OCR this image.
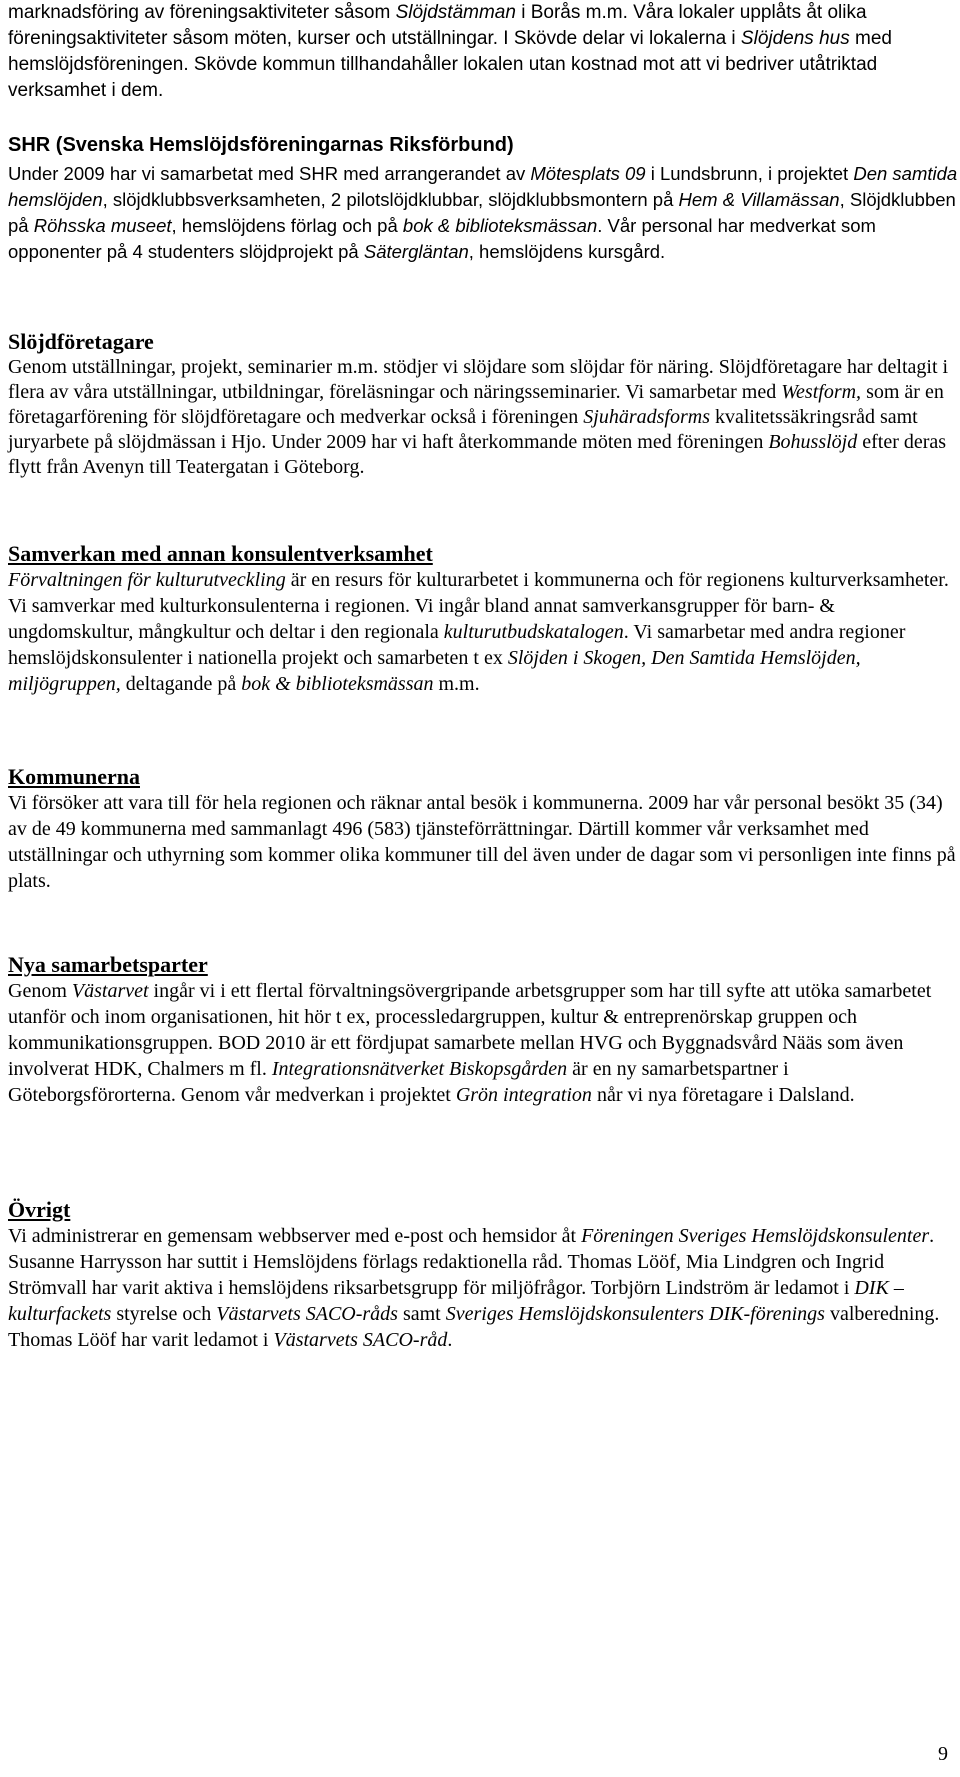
marknadsföring av föreningsaktiviteter såsom Slöjdstämman i Borås m.m. Våra lokaler upplåts åt olika föreningsaktiviteter såsom möten, kurser och utställningar. I Skövde delar vi lokalerna i Slöjdens hus med hemslöjdsföreningen. Skövde kommun tillhandahåller lokalen utan kostnad mot att vi bedriver utåtriktad verksamhet i dem.

SHR (Svenska Hemslöjdsföreningarnas Riksförbund)

Under 2009 har vi samarbetat med SHR med arrangerandet av Mötesplats 09 i Lundsbrunn, i projektet Den samtida hemslöjden, slöjdklubbsverksamheten, 2 pilotslöjdklubbar, slöjdklubbsmontern på Hem & Villamässan, Slöjdklubben på Röhsska museet, hemslöjdens förlag och på bok & biblioteksmässan. Vår personal har medverkat som opponenter på 4 studenters slöjdprojekt på Sätergläntan, hemslöjdens kursgård.

Slöjdföretagare

Genom utställningar, projekt, seminarier m.m. stödjer vi slöjdare som slöjdar för näring. Slöjdföretagare har deltagit i flera av våra utställningar, utbildningar, föreläsningar och näringsseminarier. Vi samarbetar med Westform, som är en företagarförening för slöjdföretagare och medverkar också i föreningen Sjuhäradsforms kvalitetssäkringsråd samt juryarbete på slöjdmässan i Hjo. Under 2009 har vi haft återkommande möten med föreningen Bohusslöjd efter deras flytt från Avenyn till Teatergatan i Göteborg.

Samverkan med annan konsulentverksamhet

Förvaltningen för kulturutveckling är en resurs för kulturarbetet i kommunerna och för regionens kulturverksamheter. Vi samverkar med kulturkonsulenterna i regionen. Vi ingår bland annat samverkansgrupper för barn- & ungdomskultur, mångkultur och deltar i den regionala kulturutbudskatalogen. Vi samarbetar med andra regioner hemslöjdskonsulenter i nationella projekt och samarbeten t ex Slöjden i Skogen, Den Samtida Hemslöjden, miljögruppen, deltagande på bok & biblioteksmässan m.m.

Kommunerna

Vi försöker att vara till för hela regionen och räknar antal besök i kommunerna. 2009 har vår personal besökt 35 (34) av de 49 kommunerna med sammanlagt 496 (583) tjänsteförrättningar. Därtill kommer vår verksamhet med utställningar och uthyrning som kommer olika kommuner till del även under de dagar som vi personligen inte finns på plats.

Nya samarbetsparter

Genom Västarvet ingår vi i ett flertal förvaltningsövergripande arbetsgrupper som har till syfte att utöka samarbetet utanför och inom organisationen, hit hör t ex, processledargruppen, kultur & entreprenörskap gruppen och kommunikationsgruppen. BOD 2010 är ett fördjupat samarbete mellan HVG och Byggnadsvård Nääs som även involverat HDK, Chalmers m fl. Integrationsnätverket Biskopsgården är en ny samarbetspartner i Göteborgsförorterna. Genom vår medverkan i projektet Grön integration når vi nya företagare i Dalsland.

Övrigt

Vi administrerar en gemensam webbserver med e-post och hemsidor åt Föreningen Sveriges Hemslöjdskonsulenter. Susanne Harrysson har suttit i Hemslöjdens förlags redaktionella råd. Thomas Lööf, Mia Lindgren och Ingrid Strömvall har varit aktiva i hemslöjdens riksarbetsgrupp för miljöfrågor. Torbjörn Lindström är ledamot i DIK – kulturfackets styrelse och Västarvets SACO-råds samt Sveriges Hemslöjdskonsulenters DIK-förenings valberedning. Thomas Lööf har varit ledamot i Västarvets SACO-råd.

9
